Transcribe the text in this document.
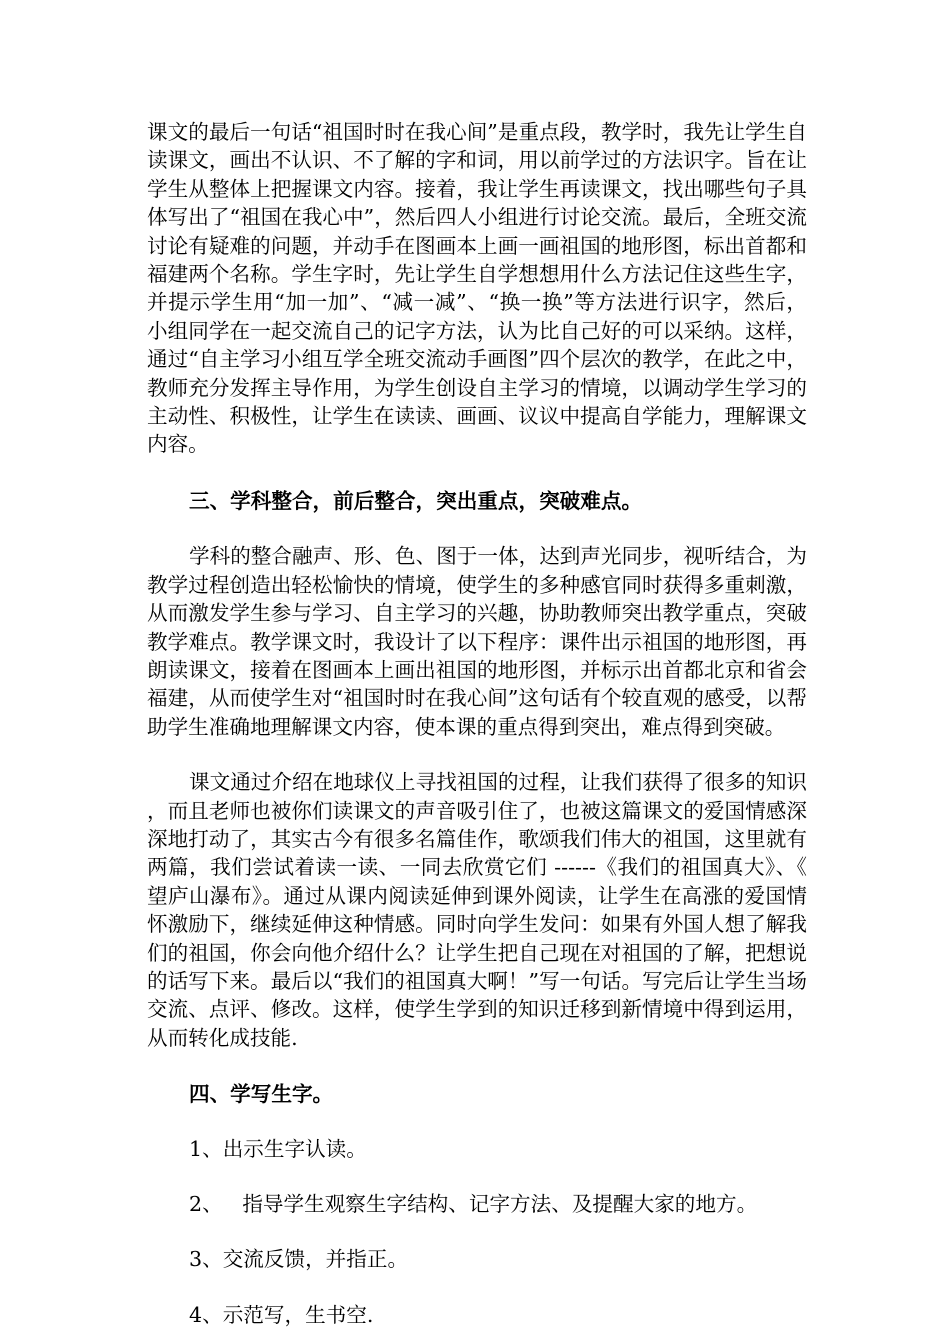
课文的最后一句话“祖国时时在我心间”是重点段，教学时，我先让学生自读课文，画出不认识、不了解的字和词，用以前学过的方法识字。旨在让学生从整体上把握课文内容。接着，我让学生再读课文，找出哪些句子具体写出了“祖国在我心中”，然后四人小组进行讨论交流。最后，全班交流讨论有疑难的问题，并动手在图画本上画一画祖国的地形图，标出首都和福建两个名称。学生字时，先让学生自学想想用什么方法记住这些生字，并提示学生用“加一加”、“减一减”、“换一换”等方法进行识字，然后，小组同学在一起交流自己的记字方法，认为比自己好的可以采纳。这样，通过“自主学习小组互学全班交流动手画图”四个层次的教学，在此之中，教师充分发挥主导作用，为学生创设自主学习的情境，以调动学生学习的主动性、积极性，让学生在读读、画画、议议中提高自学能力，理解课文内容。

三、学科整合，前后整合，突出重点，突破难点。

学科的整合融声、形、色、图于一体，达到声光同步，视听结合，为教学过程创造出轻松愉快的情境，使学生的多种感官同时获得多重刺激，从而激发学生参与学习、自主学习的兴趣，协助教师突出教学重点，突破教学难点。教学课文时，我设计了以下程序：课件出示祖国的地形图，再朗读课文，接着在图画本上画出祖国的地形图，并标示出首都北京和省会福建，从而使学生对“祖国时时在我心间”这句话有个较直观的感受，以帮助学生准确地理解课文内容，使本课的重点得到突出，难点得到突破。

课文通过介绍在地球仪上寻找祖国的过程，让我们获得了很多的知识，而且老师也被你们读课文的声音吸引住了，也被这篇课文的爱国情感深深地打动了，其实古今有很多名篇佳作，歌颂我们伟大的祖国，这里就有两篇，我们尝试着读一读、一同去欣赏它们 ------《我们的祖国真大》、《望庐山瀑布》。通过从课内阅读延伸到课外阅读，让学生在高涨的爱国情怀激励下，继续延伸这种情感。同时向学生发问：如果有外国人想了解我们的祖国，你会向他介绍什么？让学生把自己现在对祖国的了解，把想说的话写下来。最后以“我们的祖国真大啊！”写一句话。写完后让学生当场交流、点评、修改。这样，使学生学到的知识迁移到新情境中得到运用，从而转化成技能.

四、学写生字。

1、出示生字认读。

2、   指导学生观察生字结构、记字方法、及提醒大家的地方。

3、交流反馈，并指正。

4、示范写，生书空.
